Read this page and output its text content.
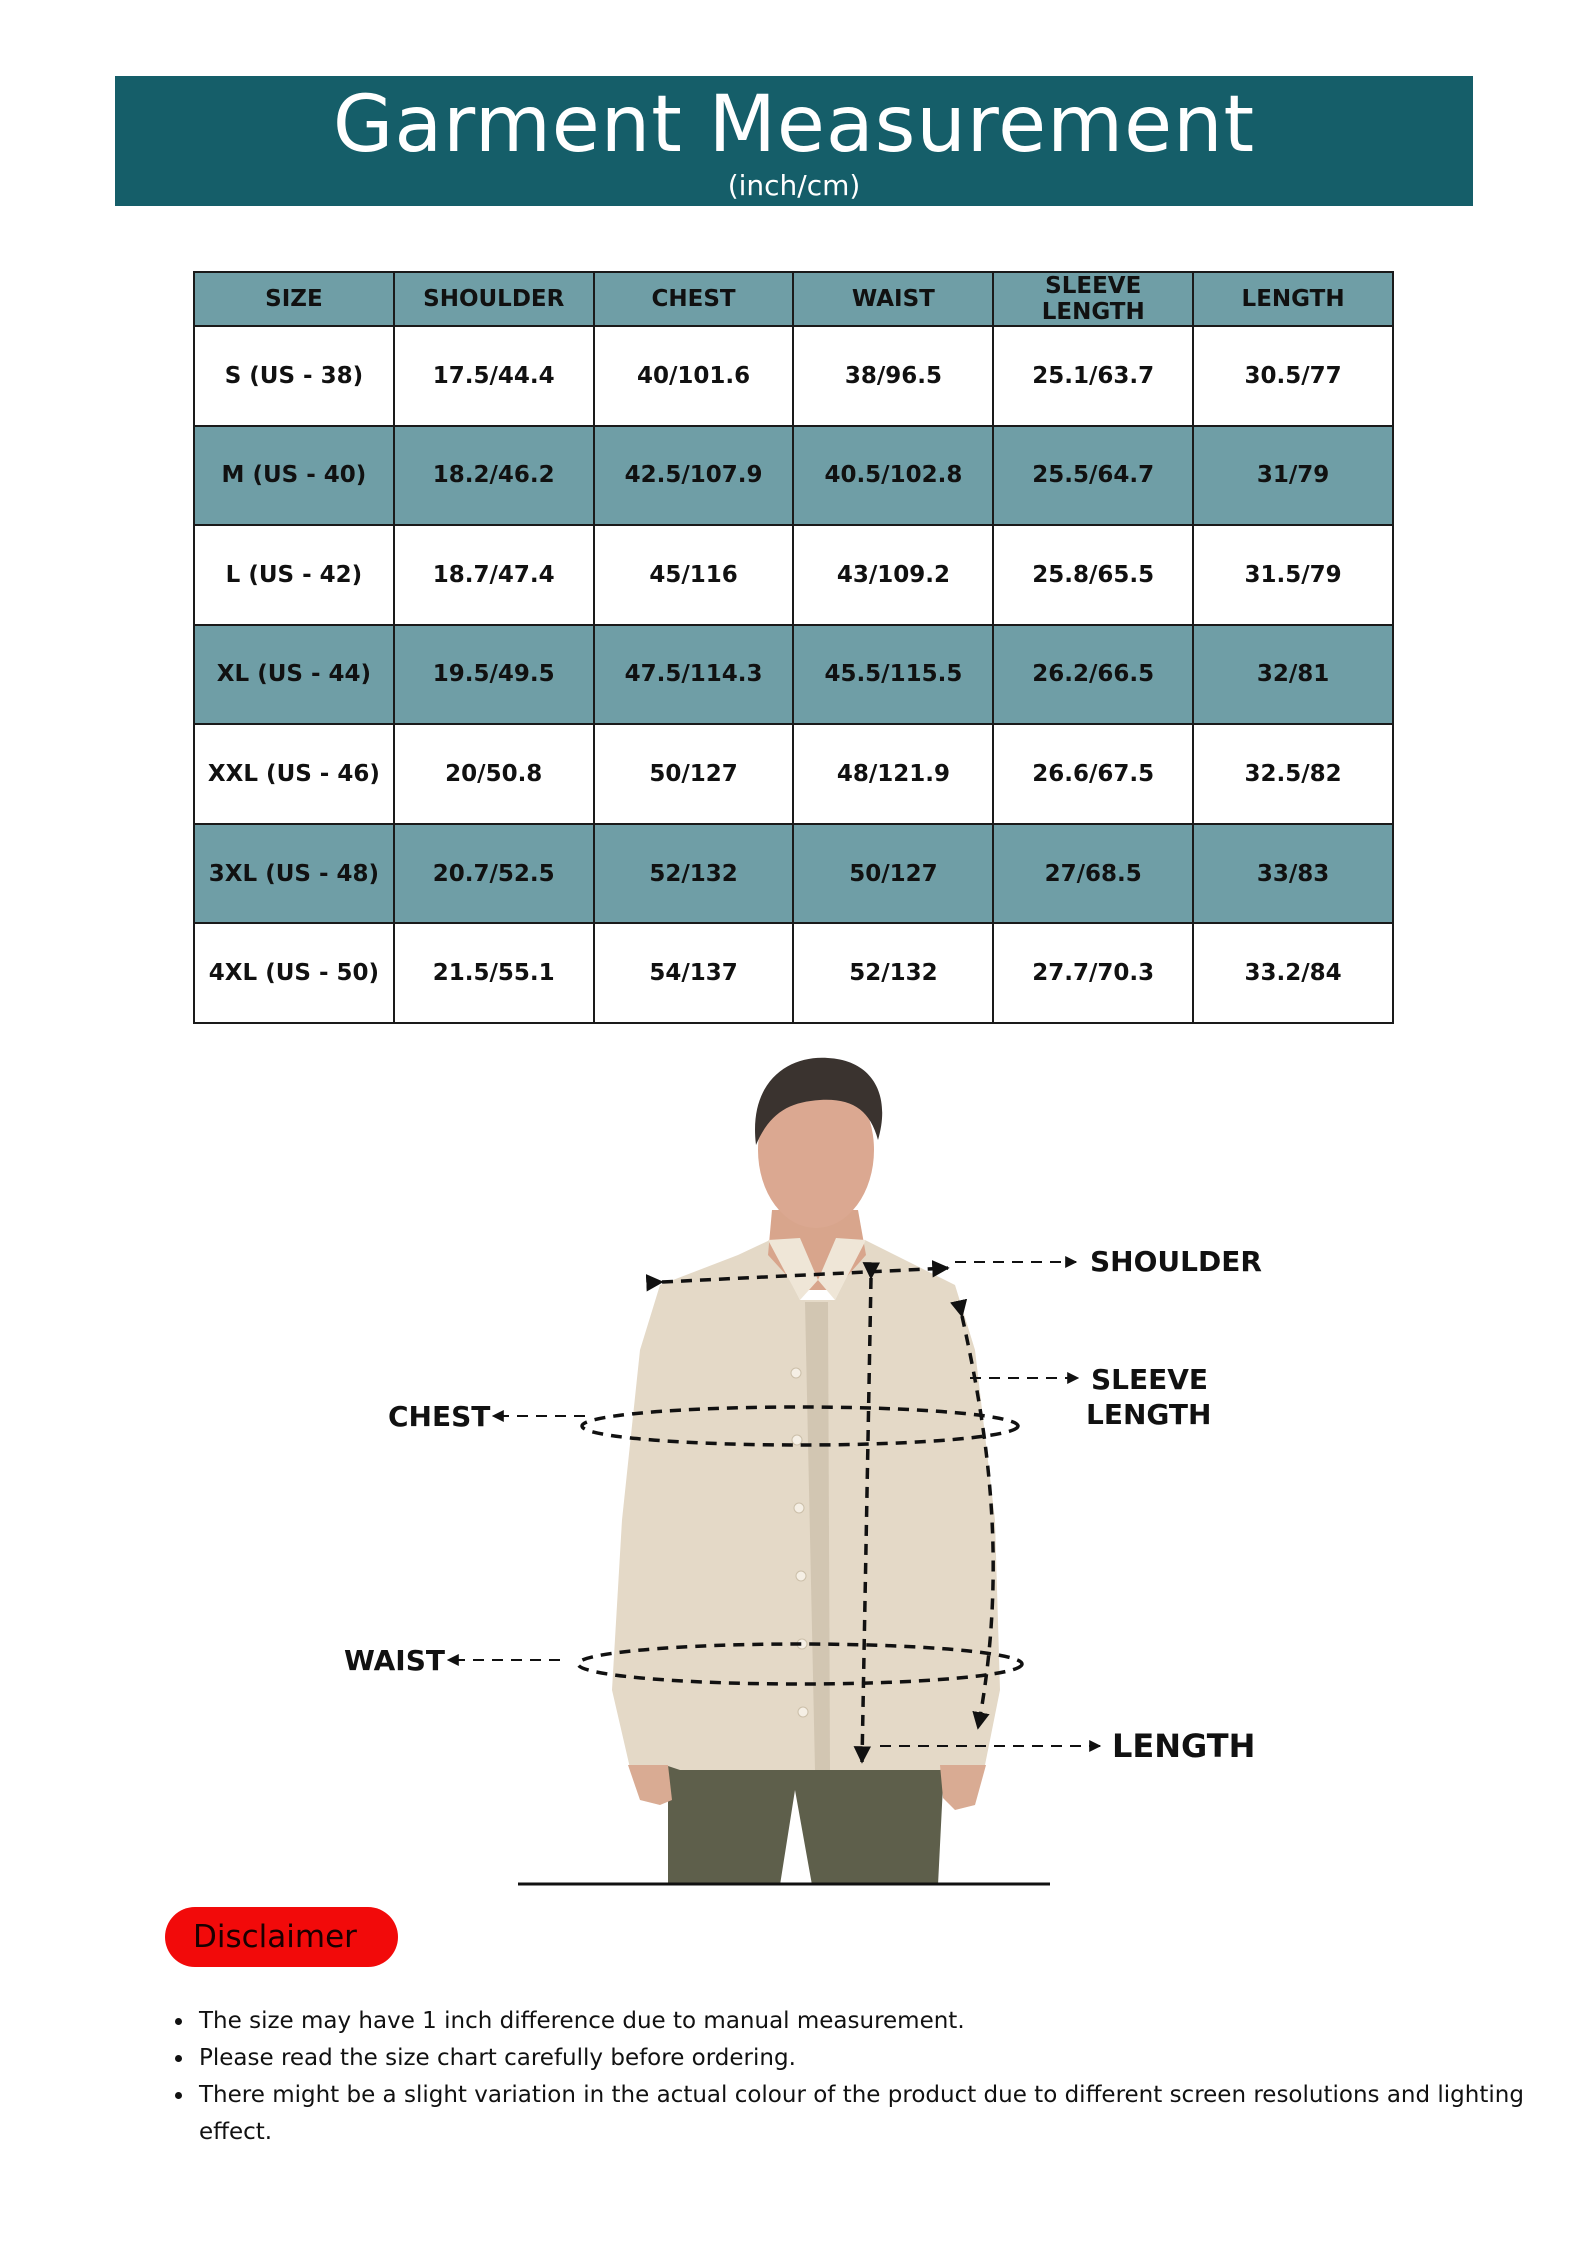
Garment Measurement
(inch/cm)
SIZE	SHOULDER	CHEST	WAIST	SLEEVE LENGTH	LENGTH
S (US - 38)	17.5/44.4	40/101.6	38/96.5	25.1/63.7	30.5/77
M (US - 40)	18.2/46.2	42.5/107.9	40.5/102.8	25.5/64.7	31/79
L (US - 42)	18.7/47.4	45/116	43/109.2	25.8/65.5	31.5/79
XL (US - 44)	19.5/49.5	47.5/114.3	45.5/115.5	26.2/66.5	32/81
XXL (US - 46)	20/50.8	50/127	48/121.9	26.6/67.5	32.5/82
3XL (US - 48)	20.7/52.5	52/132	50/127	27/68.5	33/83
4XL (US - 50)	21.5/55.1	54/137	52/132	27.7/70.3	33.2/84
SHOULDER
SLEEVE
LENGTH
CHEST
WAIST
LENGTH
Disclaimer
• The size may have 1 inch difference due to manual measurement.
• Please read the size chart carefully before ordering.
• There might be a slight variation in the actual colour of the product due to different screen resolutions and lighting effect.
